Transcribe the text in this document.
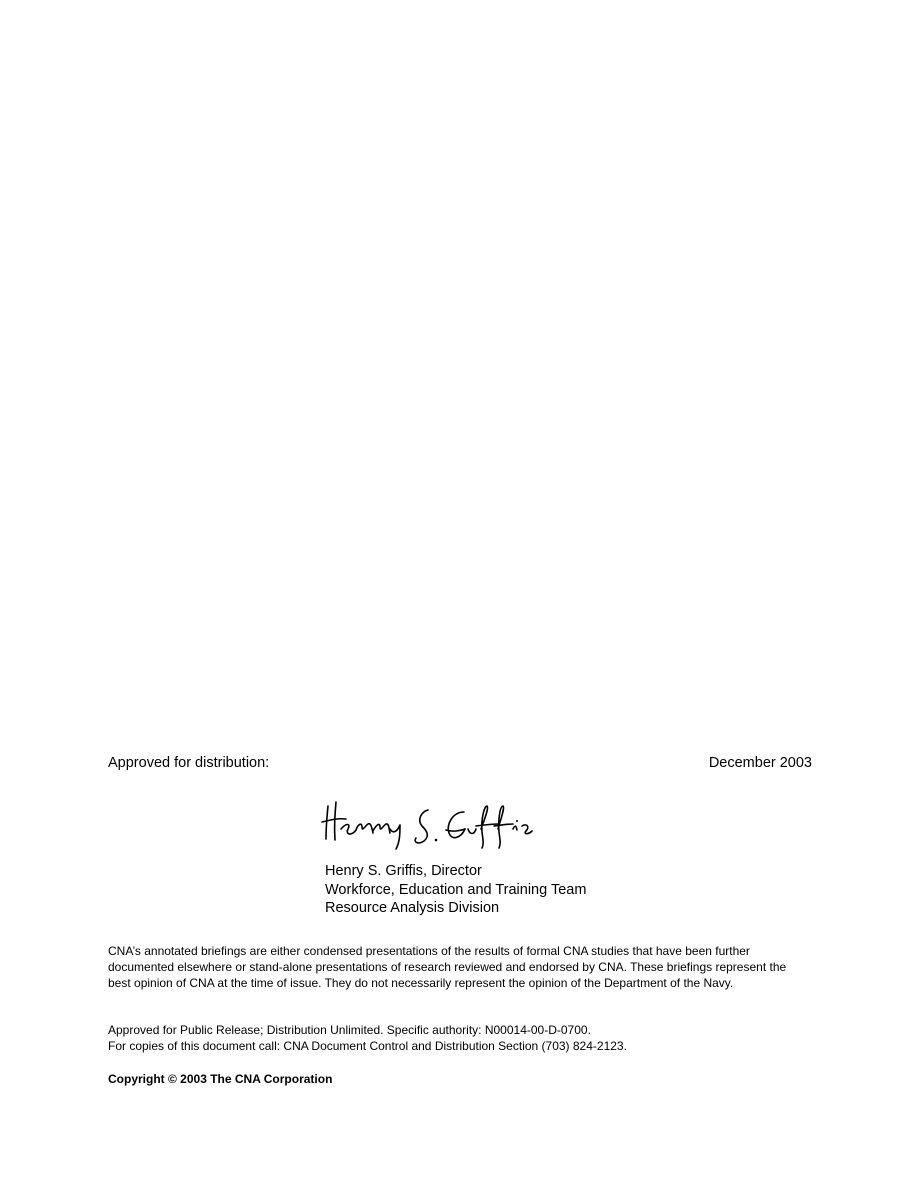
Approved for distribution:	December 2003
Henry S. Griffis, Director
Workforce, Education and Training Team
Resource Analysis Division

CNA’s annotated briefings are either condensed presentations of the results of formal CNA studies that have been further documented elsewhere or stand-alone presentations of research reviewed and endorsed by CNA. These briefings represent the best opinion of CNA at the time of issue. They do not necessarily represent the opinion of the Department of the Navy.

Approved for Public Release; Distribution Unlimited. Specific authority: N00014-00-D-0700.
For copies of this document call: CNA Document Control and Distribution Section (703) 824-2123.
Copyright © 2003 The CNA Corporation
